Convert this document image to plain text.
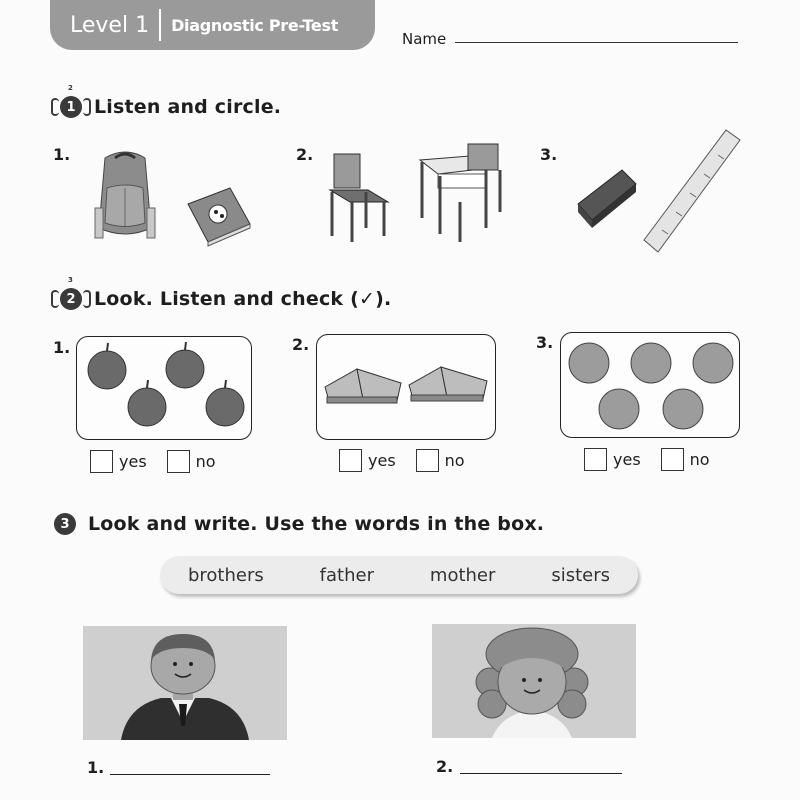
Level 1 Diagnostic Pre-Test
Name
2
1 Listen and circle.
1.	2.	3.
3
2 Look. Listen and check (✓).
1.	2.	3.
yes	no	yes	no	yes	no
3 Look and write. Use the words in the box.
brothers	father	mother	sisters
1.	2.
